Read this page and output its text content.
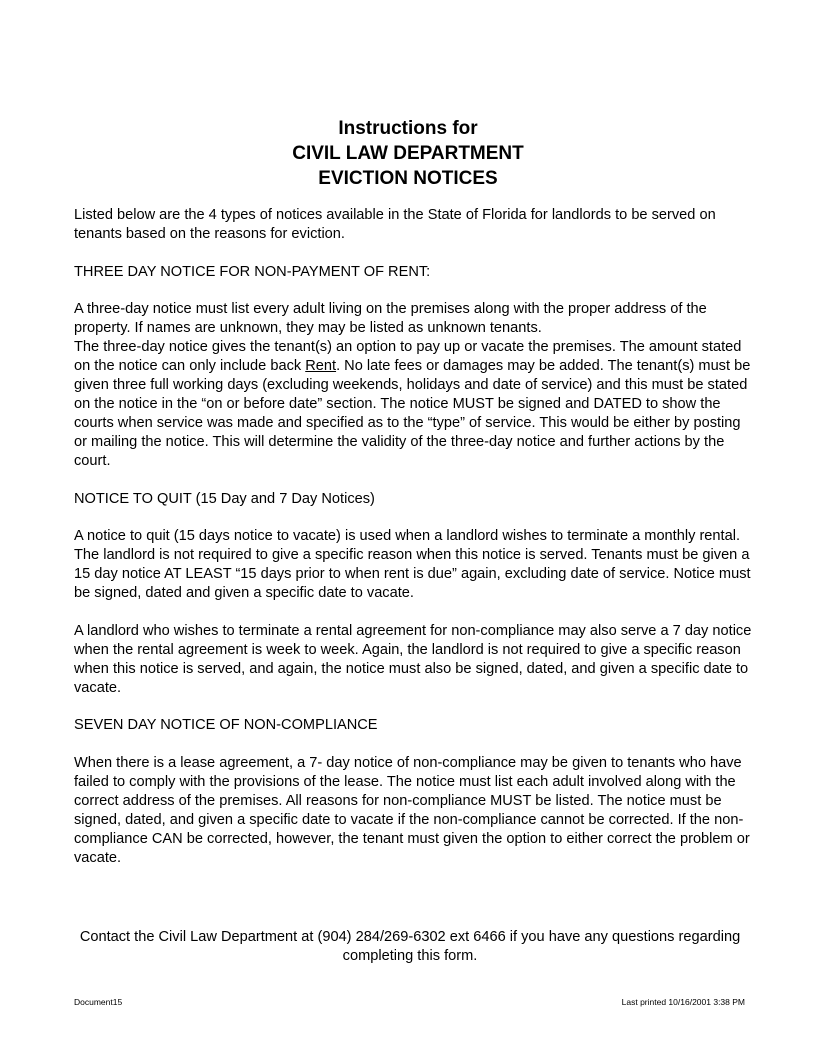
Instructions for
CIVIL LAW DEPARTMENT
EVICTION NOTICES

Listed below are the 4 types of notices available in the State of Florida for landlords to be served on tenants based on the reasons for eviction.

THREE DAY NOTICE FOR NON-PAYMENT OF RENT:

A three-day notice must list every adult living on the premises along with the proper address of the property. If names are unknown, they may be listed as unknown tenants.

The three-day notice gives the tenant(s) an option to pay up or vacate the premises. The amount stated on the notice can only include back Rent. No late fees or damages may be added. The tenant(s) must be given three full working days (excluding weekends, holidays and date of service) and this must be stated on the notice in the “on or before date” section. The notice MUST be signed and DATED to show the courts when service was made and specified as to the “type” of service. This would be either by posting or mailing the notice. This will determine the validity of the three-day notice and further actions by the court.

NOTICE TO QUIT (15 Day and 7 Day Notices)

A notice to quit (15 days notice to vacate) is used when a landlord wishes to terminate a monthly rental. The landlord is not required to give a specific reason when this notice is served. Tenants must be given a 15 day notice AT LEAST “15 days prior to when rent is due” again, excluding date of service. Notice must be signed, dated and given a specific date to vacate.

A landlord who wishes to terminate a rental agreement for non-compliance may also serve a 7 day notice when the rental agreement is week to week. Again, the landlord is not required to give a specific reason when this notice is served, and again, the notice must also be signed, dated, and given a specific date to vacate.

SEVEN DAY NOTICE OF NON-COMPLIANCE

When there is a lease agreement, a 7- day notice of non-compliance may be given to tenants who have failed to comply with the provisions of the lease. The notice must list each adult involved along with the correct address of the premises. All reasons for non-compliance MUST be listed. The notice must be signed, dated, and given a specific date to vacate if the non-compliance cannot be corrected. If the non-compliance CAN be corrected, however, the tenant must given the option to either correct the problem or vacate.

Contact the Civil Law Department at (904) 284/269-6302 ext 6466 if you have any questions regarding completing this form.
Document15	Last printed 10/16/2001 3:38 PM
